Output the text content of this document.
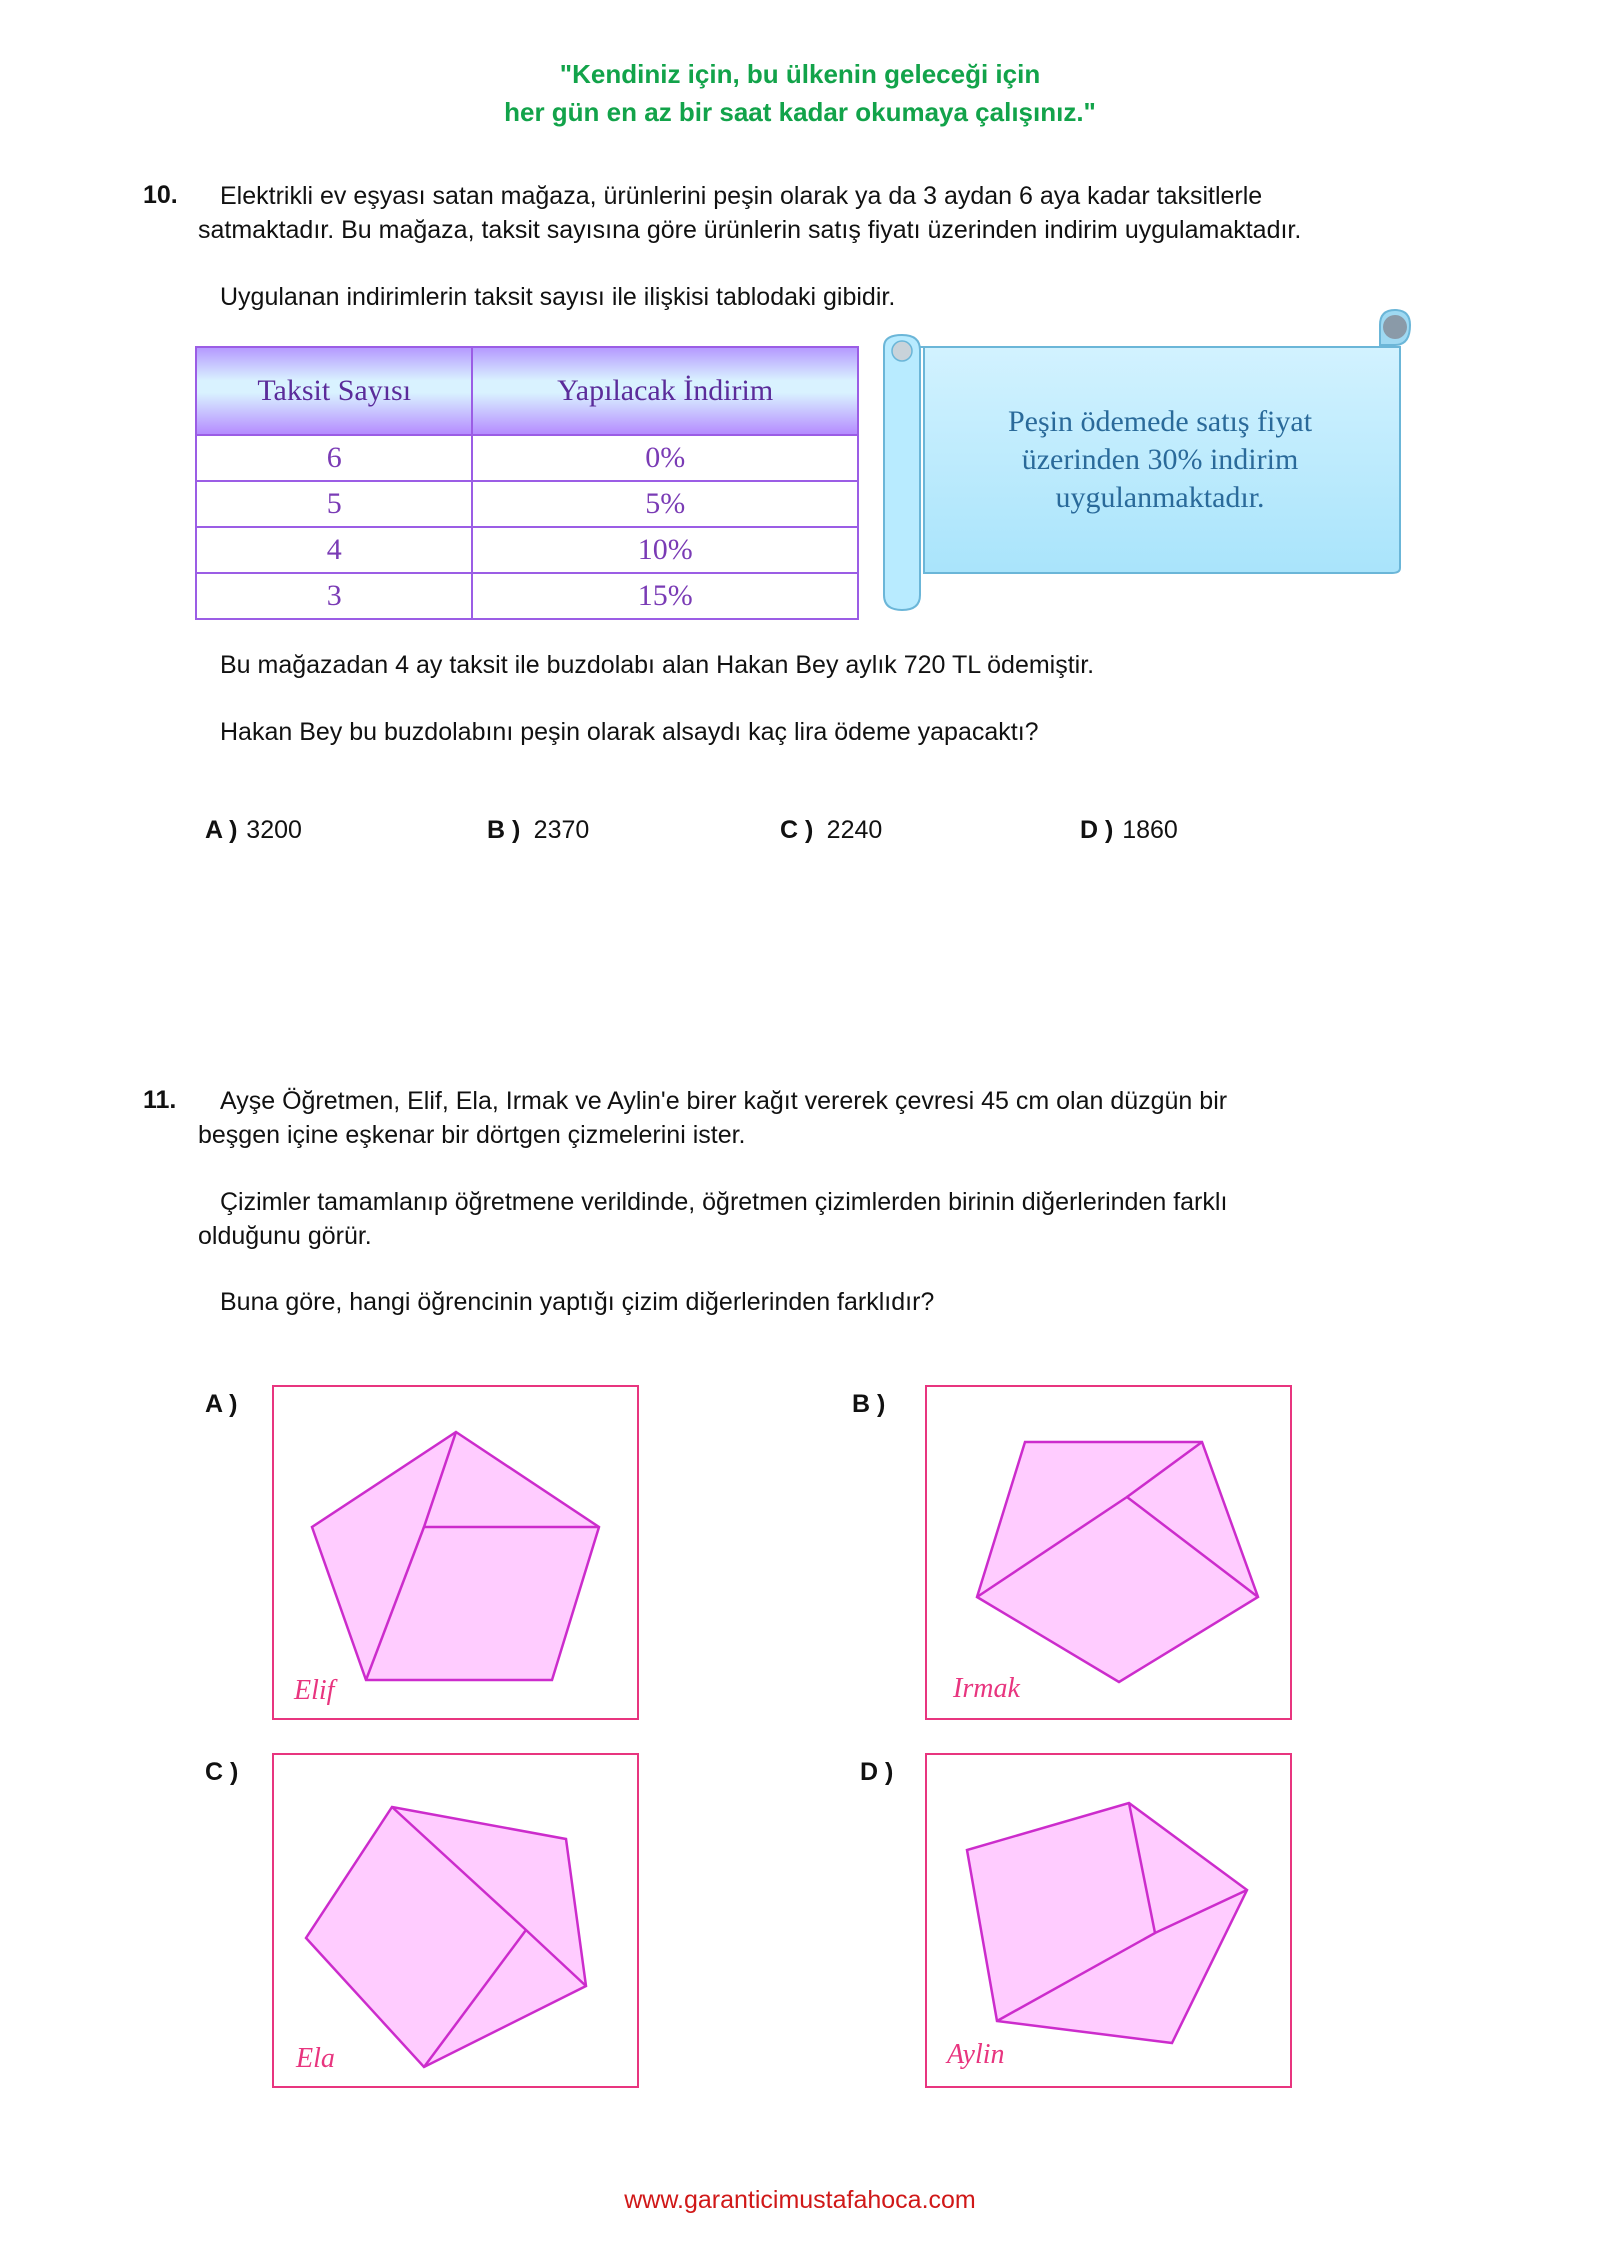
"Kendiniz için, bu ülkenin geleceği için
her gün en az bir saat kadar okumaya çalışınız."
10. Elektrikli ev eşyası satan mağaza, ürünlerini peşin olarak ya da 3 aydan 6 aya kadar taksitlerle
satmaktadır. Bu mağaza, taksit sayısına göre ürünlerin satış fiyatı üzerinden indirim uygulamaktadır.
Uygulanan indirimlerin taksit sayısı ile ilişkisi tablodaki gibidir.
Taksit Sayısı	Yapılacak İndirim
6	0%
5	5%
4	10%
3	15%
Peşin ödemede satış fiyat
üzerinden 30% indirim
uygulanmaktadır.
Bu mağazadan 4 ay taksit ile buzdolabı alan Hakan Bey aylık 720 TL ödemiştir.
Hakan Bey bu buzdolabını peşin olarak alsaydı kaç lira ödeme yapacaktı?
A ) 3200	B ) 2370	C ) 2240	D ) 1860
11. Ayşe Öğretmen, Elif, Ela, Irmak ve Aylin'e birer kağıt vererek çevresi 45 cm olan düzgün bir
beşgen içine eşkenar bir dörtgen çizmelerini ister.
Çizimler tamamlanıp öğretmene verildinde, öğretmen çizimlerden birinin diğerlerinden farklı
olduğunu görür.
Buna göre, hangi öğrencinin yaptığı çizim diğerlerinden farklıdır?
A )
Elif
B )
Irmak
C )
Ela
D )
Aylin
www.garanticimustafahoca.com
